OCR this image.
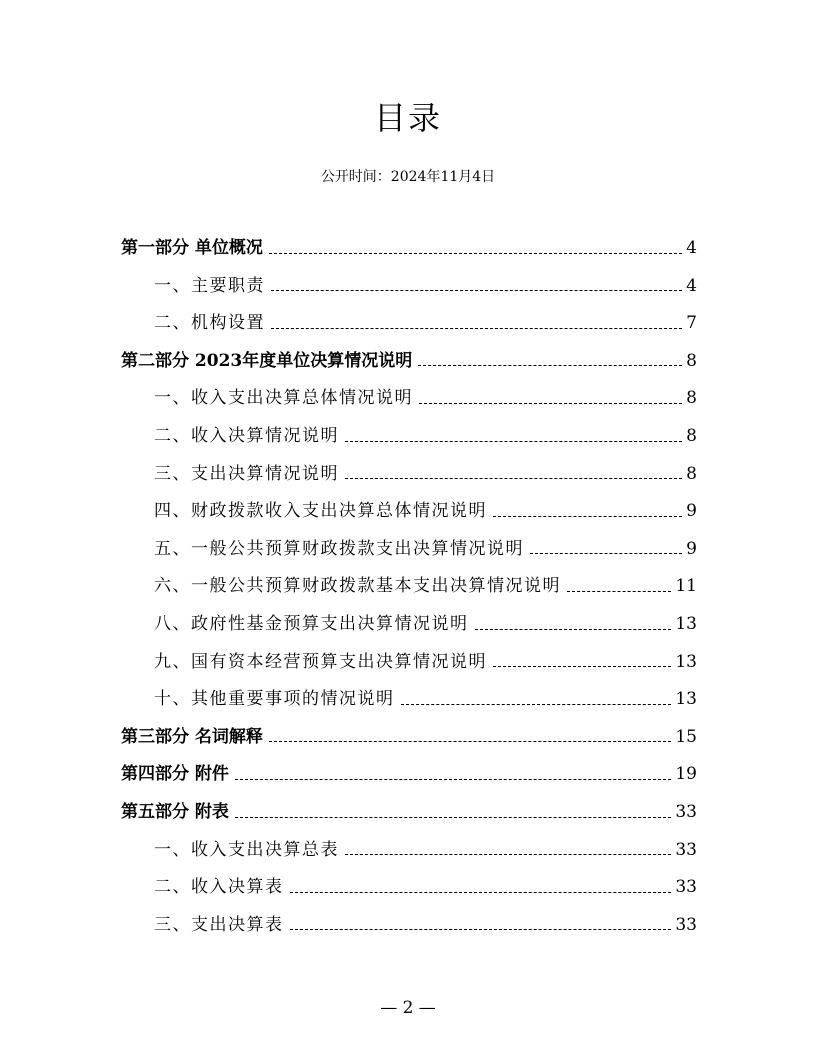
目录
公开时间：2024年11月4日
第一部分 单位概况	4
一、主要职责	4
二、机构设置	7
第二部分 2023年度单位决算情况说明	8
一、收入支出决算总体情况说明	8
二、收入决算情况说明	8
三、支出决算情况说明	8
四、财政拨款收入支出决算总体情况说明	9
五、一般公共预算财政拨款支出决算情况说明	9
六、一般公共预算财政拨款基本支出决算情况说明	11
八、政府性基金预算支出决算情况说明	13
九、国有资本经营预算支出决算情况说明	13
十、其他重要事项的情况说明	13
第三部分 名词解释	15
第四部分 附件	19
第五部分 附表	33
一、收入支出决算总表	33
二、收入决算表	33
三、支出决算表	33
— 2 —
